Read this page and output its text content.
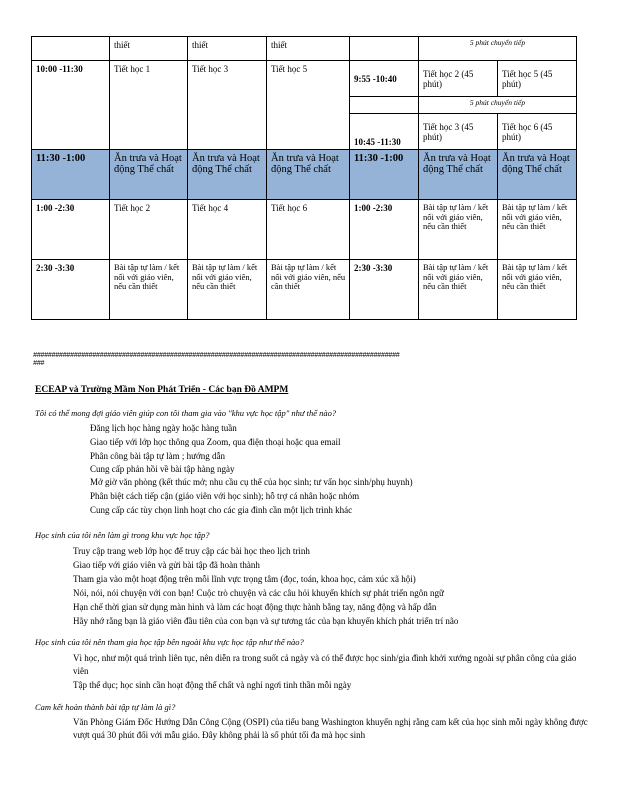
	thiết	thiết	thiết		5 phút chuyển tiếp	
10:00 -11:30	Tiết học 1	Tiết học 3	Tiết học 5	9:55 -10:40	Tiết học 2 (45 phút)	Tiết học 5 (45 phút)
					5 phút chuyển tiếp	
				10:45 -11:30	Tiết học 3 (45 phút)	Tiết học 6 (45 phút)
11:30 -1:00	Ăn trưa và Hoạt động Thể chất	Ăn trưa và Hoạt động Thể chất	Ăn trưa và Hoạt động Thể chất	11:30 -1:00	Ăn trưa và Hoạt động Thể chất	Ăn trưa và Hoạt động Thể chất
1:00 -2:30	Tiết học 2	Tiết học 4	Tiết học 6	1:00 -2:30	Bài tập tự làm / kết nối với giáo viên, nếu cần thiết	Bài tập tự làm / kết nối với giáo viên, nếu cần thiết
2:30 -3:30	Bài tập tự làm / kết nối với giáo viên, nếu cần thiết	Bài tập tự làm / kết nối với giáo viên, nếu cần thiết	Bài tập tự làm / kết nối với giáo viên, nếu cần thiết	2:30 -3:30	Bài tập tự làm / kết nối với giáo viên, nếu cần thiết	Bài tập tự làm / kết nối với giáo viên, nếu cần thiết
###################################################################################################
###
ECEAP và Trường Mầm Non Phát Triển - Các bạn Đồ AMPM
Tôi có thể mong đợi giáo viên giúp con tôi tham gia vào "khu vực học tập" như thế nào?
Đăng lịch học hàng ngày hoặc hàng tuần
Giao tiếp với lớp học thông qua Zoom, qua điện thoại hoặc qua email
Phân công bài tập tự làm ; hướng dẫn
Cung cấp phản hồi về bài tập hàng ngày
Mở giờ văn phòng (kết thúc mở; nhu cầu cụ thể của học sinh; tư vấn học sinh/phụ huynh)
Phân biệt cách tiếp cận (giáo viên với học sinh); hỗ trợ cá nhân hoặc nhóm
Cung cấp các tùy chọn linh hoạt cho các gia đình cần một lịch trình khác
Học sinh của tôi nên làm gì trong khu vực học tập?
Truy cập trang web lớp học để truy cập các bài học theo lịch trình
Giao tiếp với giáo viên và gửi bài tập đã hoàn thành
Tham gia vào một hoạt động trên mỗi lĩnh vực trọng tâm (đọc, toán, khoa học, cảm xúc xã hội)
Nói, nói, nói chuyện với con bạn! Cuộc trò chuyện và các câu hỏi khuyến khích sự phát triển ngôn ngữ
Hạn chế thời gian sử dụng màn hình và làm các hoạt động thực hành bằng tay, năng động và hấp dẫn
Hãy nhớ rằng bạn là giáo viên đầu tiên của con bạn và sự tương tác của bạn khuyến khích phát triển trí não
Học sinh của tôi nên tham gia học tập bên ngoài khu vực học tập như thế nào?
Vì học, như một quá trình liên tục, nên diễn ra trong suốt cả ngày và có thể được học sinh/gia đình khởi xướng ngoài sự phân công của giáo viên
Tập thể dục; học sinh cần hoạt động thể chất và nghỉ ngơi tinh thần mỗi ngày
Cam kết hoàn thành bài tập tự làm là gì?
Văn Phòng Giám Đốc Hướng Dẫn Công Cộng (OSPI) của tiểu bang Washington khuyến nghị rằng cam kết của học sinh mỗi ngày không được vượt quá 30 phút đối với mẫu giáo. Đây không phải là số phút tối đa mà học sinh
